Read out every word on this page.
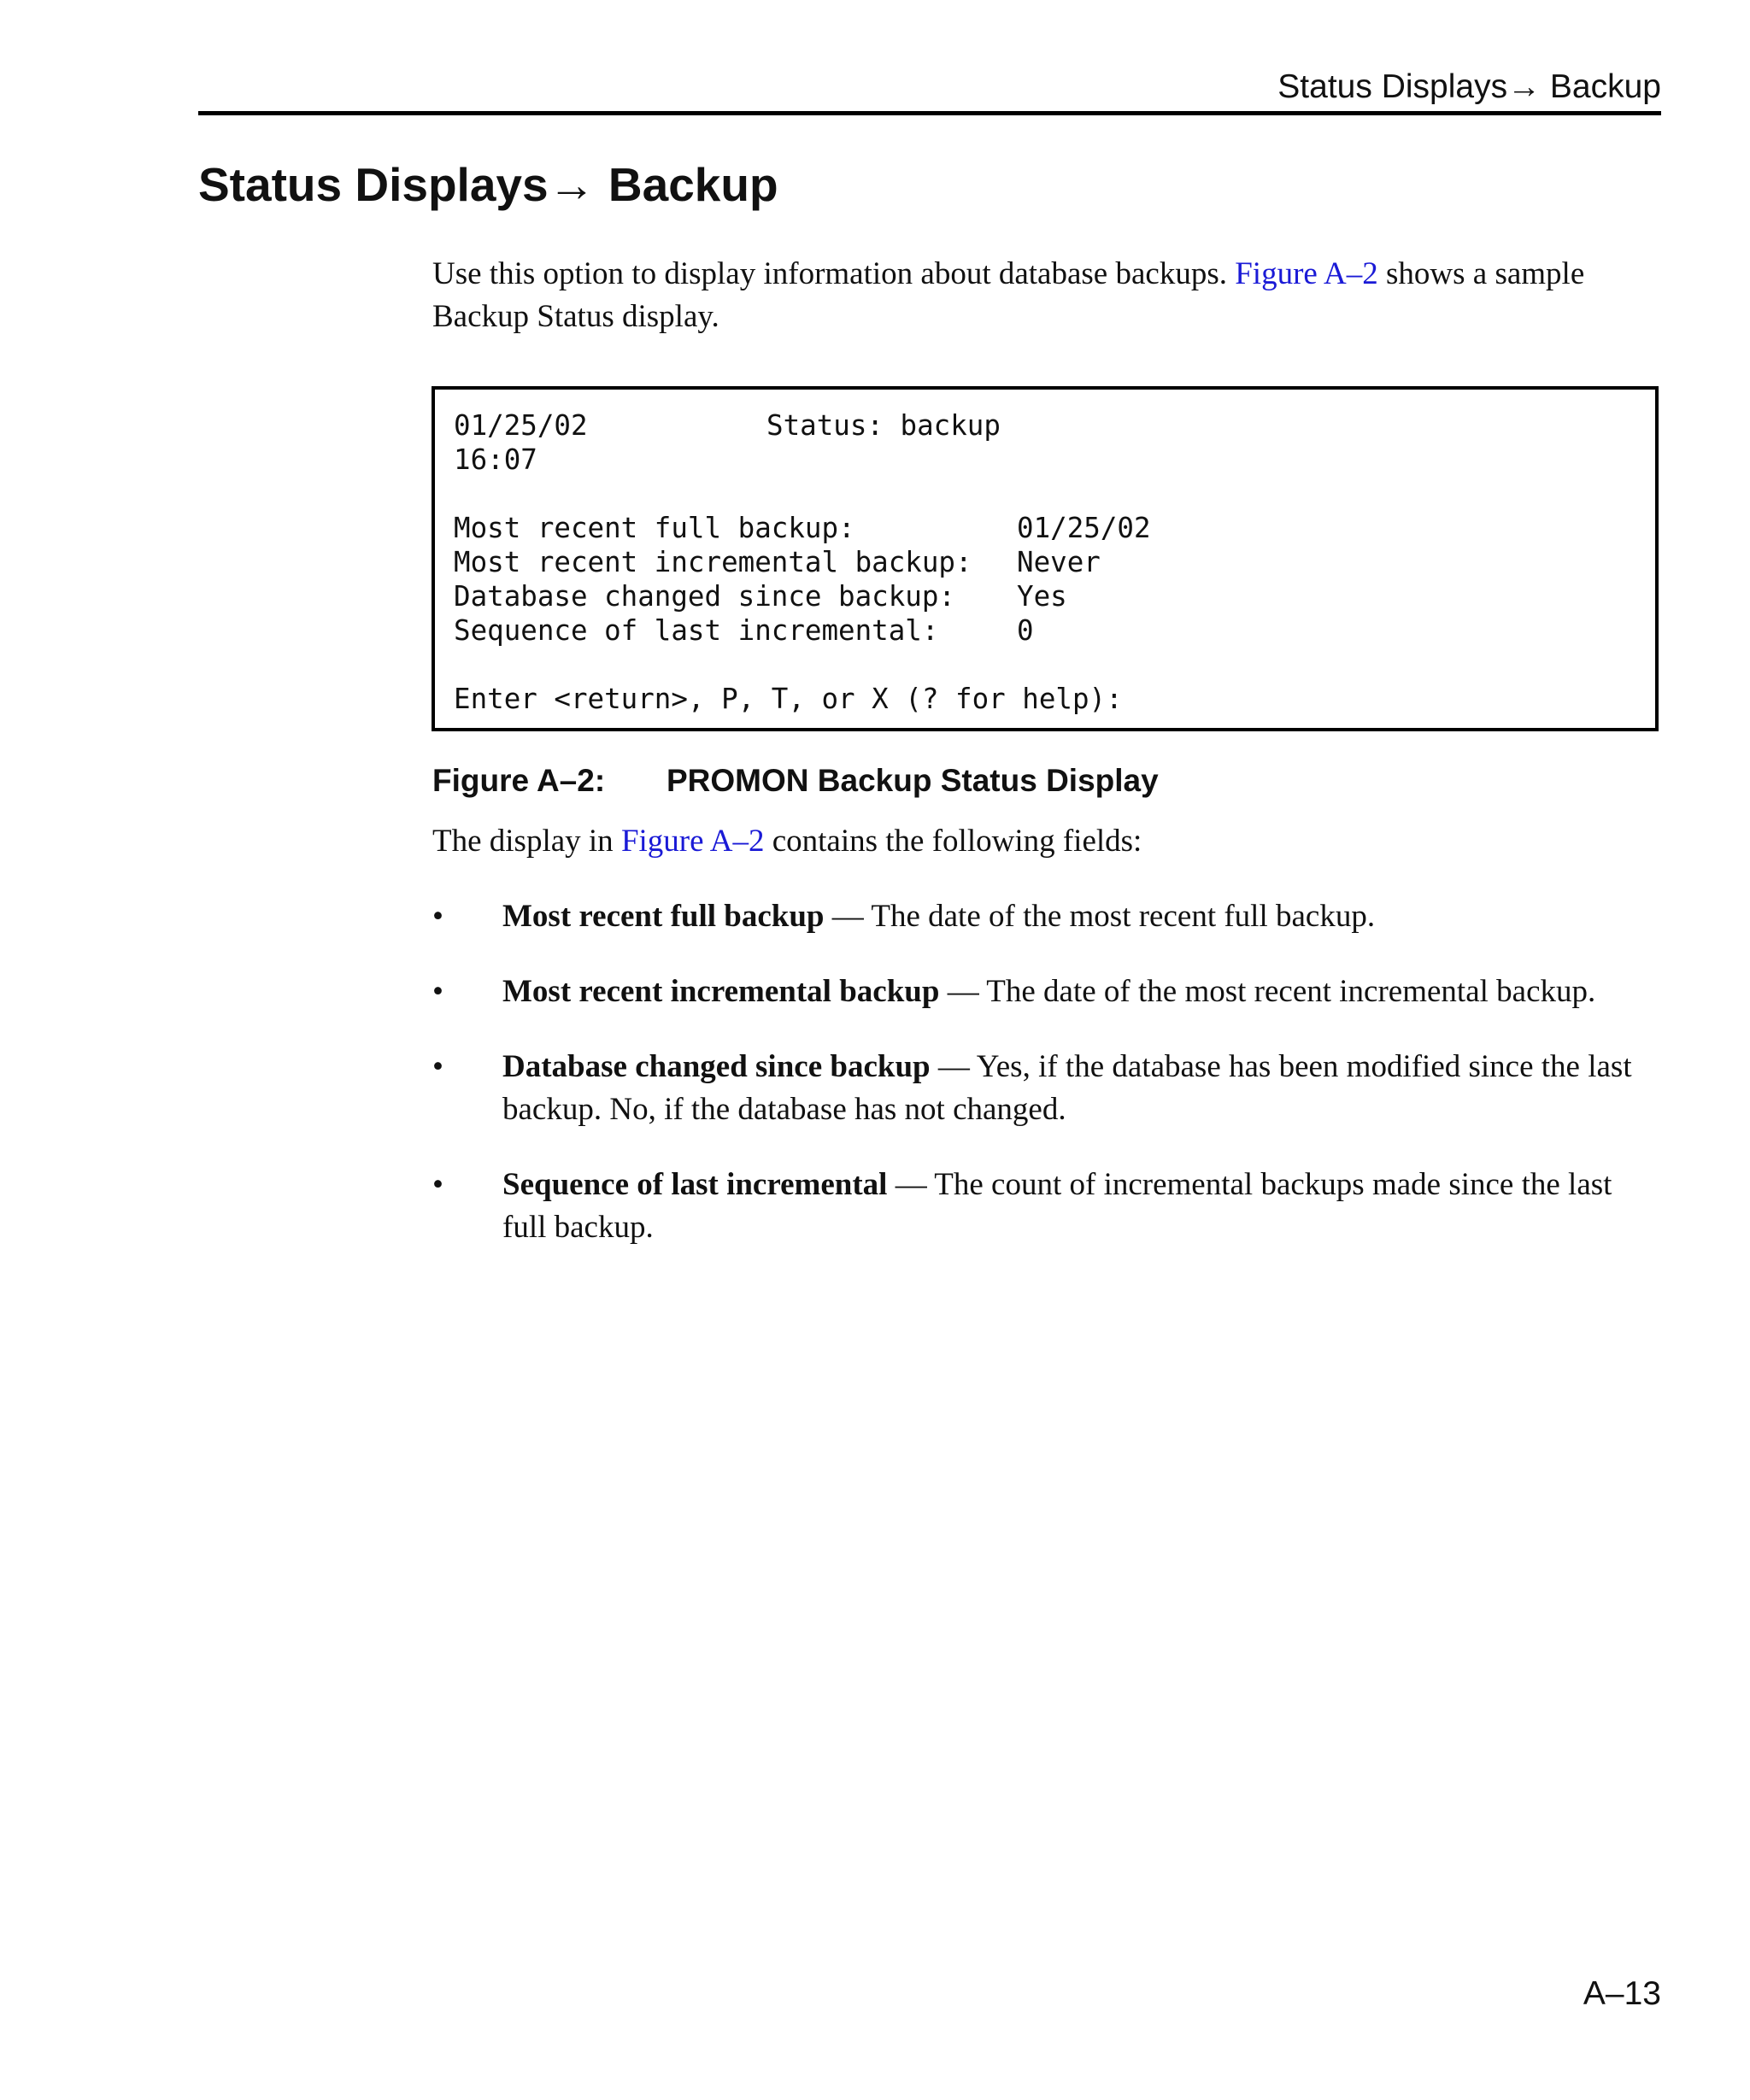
Status Displays→ Backup
Status Displays→ Backup

Use this option to display information about database backups. Figure A–2 shows a sample Backup Status display.

01/25/02	Status: backup
16:07
Most recent full backup:	01/25/02
Most recent incremental backup: Never
Database changed since backup: Yes
Sequence of last incremental:	0
Enter <return>, P, T, or X (? for help):
Figure A–2: PROMON Backup Status Display

The display in Figure A–2 contains the following fields:

• Most recent full backup — The date of the most recent full backup.

• Most recent incremental backup — The date of the most recent incremental backup.

• Database changed since backup — Yes, if the database has been modified since the last backup. No, if the database has not changed.

• Sequence of last incremental — The count of incremental backups made since the last full backup.

A–13
